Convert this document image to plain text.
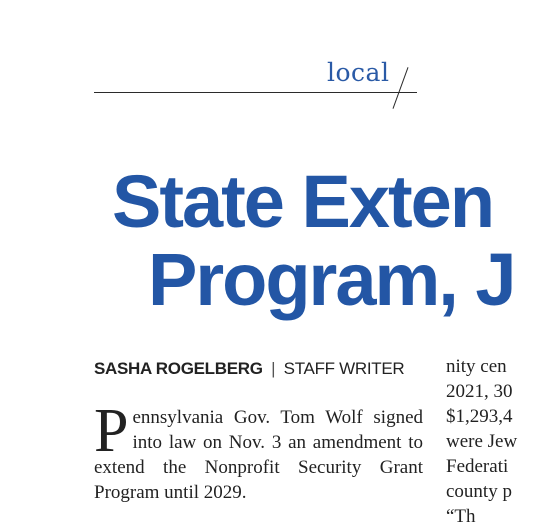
local
State Exten
Program, J
SASHA ROGELBERG | STAFF WRITER
P ennsylvania Gov. Tom Wolf signed into law on Nov. 3 an amendment to extend the Nonprofit Security Grant Program until 2029.

nity cen
2021, 30
$1,293,4
were Jew
Federati
county p
“Th
